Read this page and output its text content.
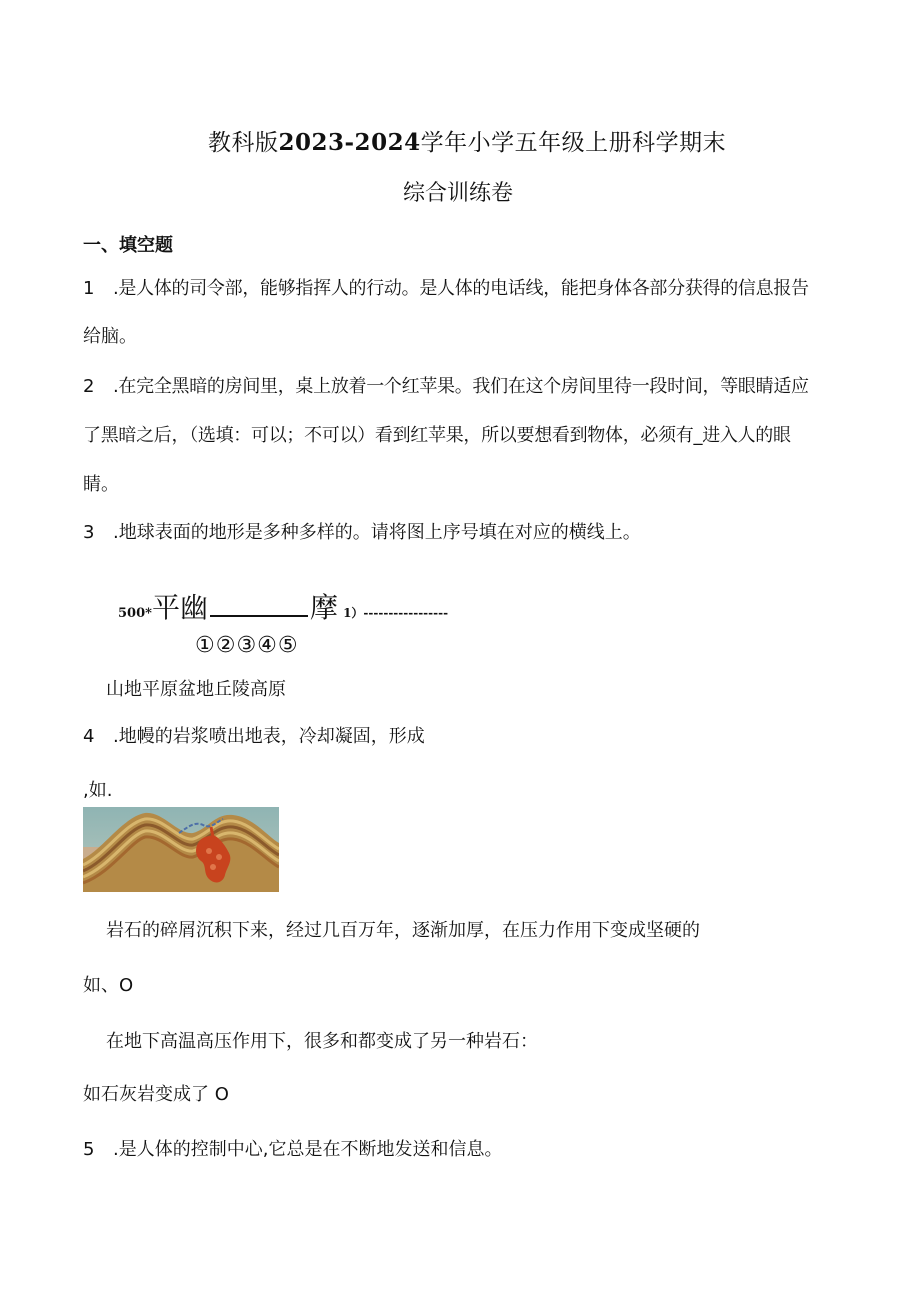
教科版2023-2024学年小学五年级上册科学期末
综合训练卷
一、填空题
1 .是人体的司令部，能够指挥人的行动。是人体的电话线，能把身体各部分获得的信息报告
给脑。
2 .在完全黑暗的房间里，桌上放着一个红苹果。我们在这个房间里待一段时间，等眼睛适应
了黑暗之后，（选填：可以；不可以）看到红苹果，所以要想看到物体，必须有_进入人的眼
睛。
3 .地球表面的地形是多种多样的。请将图上序号填在对应的横线上。
500*平幽	摩 1）-----------------
①②③④⑤
山地平原盆地丘陵高原
4 .地幔的岩浆喷出地表，冷却凝固，形成
,如.
岩石的碎屑沉积下来，经过几百万年，逐渐加厚，在压力作用下变成坚硬的
如、O
在地下高温高压作用下，很多和都变成了另一种岩石：
如石灰岩变成了 O
5 .是人体的控制中心,它总是在不断地发送和信息。
